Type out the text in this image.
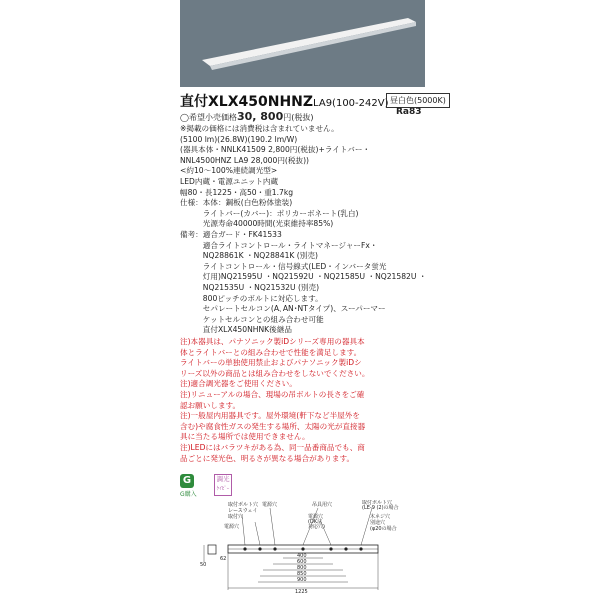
直付XLX450NHNZLA9(100-242V) 昼白色(5000K)
Ra83
◯希望小売価格30, 800円(税抜)
※掲載の価格には消費税は含まれていません。
(5100 lm)(26.8W)(190.2 lm/W)
(器具本体・NNLK41509 2,800円(税抜)+ライトバー・
NNL4500HNZ LA9 28,000円(税抜))
<約10～100%連続調光型>
LED内蔵・電源ユニット内蔵
幅80・長1225・高50・重1.7kg
仕様：本体：鋼板(白色粉体塗装)
　　　ライトバー(カバー)：ポリカーボネート(乳白)
　　　光源寿命40000時間(光束維持率85%)
備考：適合ガード・FK41533
　　　適合ライトコントロール・ライトマネージャーFx・
　　　NQ28861K ・NQ28841K (別売)
　　　ライトコントロール・信号線式(LED・インバータ蛍光
　　　灯用)NQ21595U ・NQ21592U ・NQ21585U ・NQ21582U ・
　　　NQ21535U ・NQ21532U (別売)
　　　800ピッチのボルトに対応します。
　　　セパレートセルコン(A､AN･NTタイプ)、スーパーマー
　　　ケットセルコンとの組み合わせ可能
　　　直付XLX450NHNK後継品
注)本器具は、パナソニック製iDシリーズ専用の器具本
体とライトバーとの組み合わせで性能を満足します。
ライトバーの単独使用禁止およびパナソニック製iDシ
リーズ以外の商品とは組み合わせをしないでください。
注)適合調光器をご使用ください。
注)リニューアルの場合、現場の吊ボルトの長さをご確
認お願いします。
注)一般屋内用器具です。屋外環境(軒下など半屋外を
含む)や腐食性ガスの発生する場所、太陽の光が直接器
具に当たる場所では使用できません。
注)LEDにはバラツキがある為、同一品番商品でも、商
品ごとに発光色、明るさが異なる場合があります。
G
G購入
調光
ｹｲﾋﾟｰ
取付ボルト穴
レースウェイ
取付穴
電源穴
電源穴	吊具用穴
電源穴
(DK法
対応穴)
取付ボルト穴
(LE-9 (2)の場合
木ネジ穴
別途穴
(φ20の場合
400
600
800
850
900
1225
50
62
